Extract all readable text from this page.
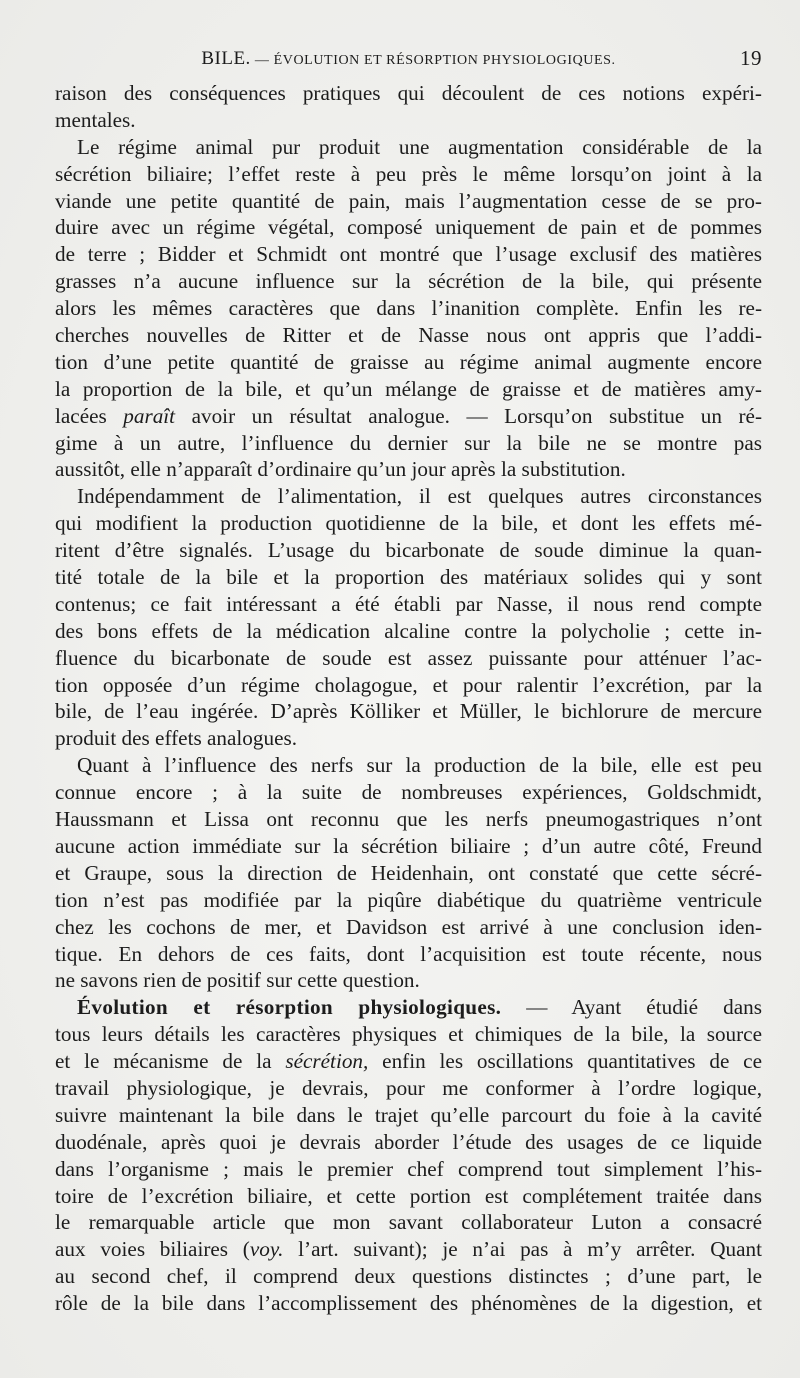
BILE. — ÉVOLUTION ET RÉSORPTION PHYSIOLOGIQUES.	19
raison des conséquences pratiques qui découlent de ces notions expéri-
mentales.
Le régime animal pur produit une augmentation considérable de la
sécrétion biliaire; l’effet reste à peu près le même lorsqu’on joint à la
viande une petite quantité de pain, mais l’augmentation cesse de se pro-
duire avec un régime végétal, composé uniquement de pain et de pommes
de terre ; Bidder et Schmidt ont montré que l’usage exclusif des matières
grasses n’a aucune influence sur la sécrétion de la bile, qui présente
alors les mêmes caractères que dans l’inanition complète. Enfin les re-
cherches nouvelles de Ritter et de Nasse nous ont appris que l’addi-
tion d’une petite quantité de graisse au régime animal augmente encore
la proportion de la bile, et qu’un mélange de graisse et de matières amy-
lacées paraît avoir un résultat analogue. — Lorsqu’on substitue un ré-
gime à un autre, l’influence du dernier sur la bile ne se montre pas
aussitôt, elle n’apparaît d’ordinaire qu’un jour après la substitution.
Indépendamment de l’alimentation, il est quelques autres circonstances
qui modifient la production quotidienne de la bile, et dont les effets mé-
ritent d’être signalés. L’usage du bicarbonate de soude diminue la quan-
tité totale de la bile et la proportion des matériaux solides qui y sont
contenus; ce fait intéressant a été établi par Nasse, il nous rend compte
des bons effets de la médication alcaline contre la polycholie ; cette in-
fluence du bicarbonate de soude est assez puissante pour atténuer l’ac-
tion opposée d’un régime cholagogue, et pour ralentir l’excrétion, par la
bile, de l’eau ingérée. D’après Kölliker et Müller, le bichlorure de mercure
produit des effets analogues.
Quant à l’influence des nerfs sur la production de la bile, elle est peu
connue encore ; à la suite de nombreuses expériences, Goldschmidt,
Haussmann et Lissa ont reconnu que les nerfs pneumogastriques n’ont
aucune action immédiate sur la sécrétion biliaire ; d’un autre côté, Freund
et Graupe, sous la direction de Heidenhain, ont constaté que cette sécré-
tion n’est pas modifiée par la piqûre diabétique du quatrième ventricule
chez les cochons de mer, et Davidson est arrivé à une conclusion iden-
tique. En dehors de ces faits, dont l’acquisition est toute récente, nous
ne savons rien de positif sur cette question.
Évolution et résorption physiologiques. — Ayant étudié dans
tous leurs détails les caractères physiques et chimiques de la bile, la source
et le mécanisme de la sécrétion, enfin les oscillations quantitatives de ce
travail physiologique, je devrais, pour me conformer à l’ordre logique,
suivre maintenant la bile dans le trajet qu’elle parcourt du foie à la cavité
duodénale, après quoi je devrais aborder l’étude des usages de ce liquide
dans l’organisme ; mais le premier chef comprend tout simplement l’his-
toire de l’excrétion biliaire, et cette portion est complétement traitée dans
le remarquable article que mon savant collaborateur Luton a consacré
aux voies biliaires (voy. l’art. suivant); je n’ai pas à m’y arrêter. Quant
au second chef, il comprend deux questions distinctes ; d’une part, le
rôle de la bile dans l’accomplissement des phénomènes de la digestion, et
